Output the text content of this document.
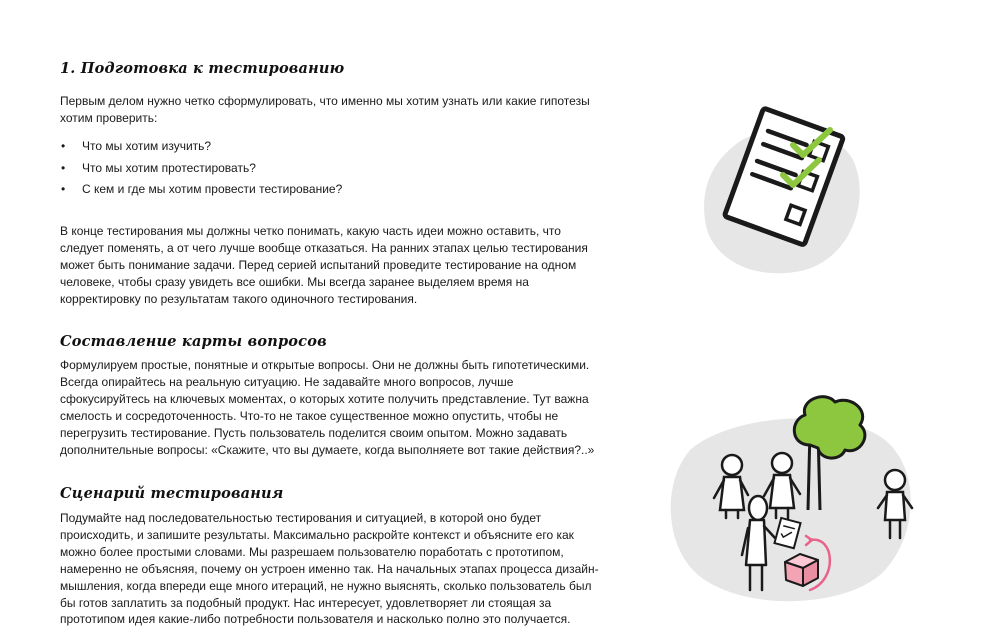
1. Подготовка к тестированию

Первым делом нужно четко сформулировать, что именно мы хотим узнать или какие гипотезы хотим проверить:

• Что мы хотим изучить?
• Что мы хотим протестировать?
• С кем и где мы хотим провести тестирование?

В конце тестирования мы должны четко понимать, какую часть идеи можно оставить, что следует поменять, а от чего лучше вообще отказаться. На ранних этапах целью тестирования может быть понимание задачи. Перед серией испытаний проведите тестирование на одном человеке, чтобы сразу увидеть все ошибки. Мы всегда заранее выделяем время на корректировку по результатам такого одиночного тестирования.

Составление карты вопросов

Формулируем простые, понятные и открытые вопросы. Они не должны быть гипотетическими. Всегда опирайтесь на реальную ситуацию. Не задавайте много вопросов, лучше сфокусируйтесь на ключевых моментах, о которых хотите получить представление. Тут важна смелость и сосредоточенность. Что-то не такое существенное можно опустить, чтобы не перегрузить тестирование. Пусть пользователь поделится своим опытом. Можно задавать дополнительные вопросы: «Скажите, что вы думаете, когда выполняете вот такие действия?..»

Сценарий тестирования

Подумайте над последовательностью тестирования и ситуацией, в которой оно будет происходить, и запишите результаты. Максимально раскройте контекст и объясните его как можно более простыми словами. Мы разрешаем пользователю поработать с прототипом, намеренно не объясняя, почему он устроен именно так. На начальных этапах процесса дизайн-мышления, когда впереди еще много итераций, не нужно выяснять, сколько пользователь был бы готов заплатить за подобный продукт. Нас интересует, удовлетворяет ли стоящая за прототипом идея какие-либо потребности пользователя и насколько полно это получается.
